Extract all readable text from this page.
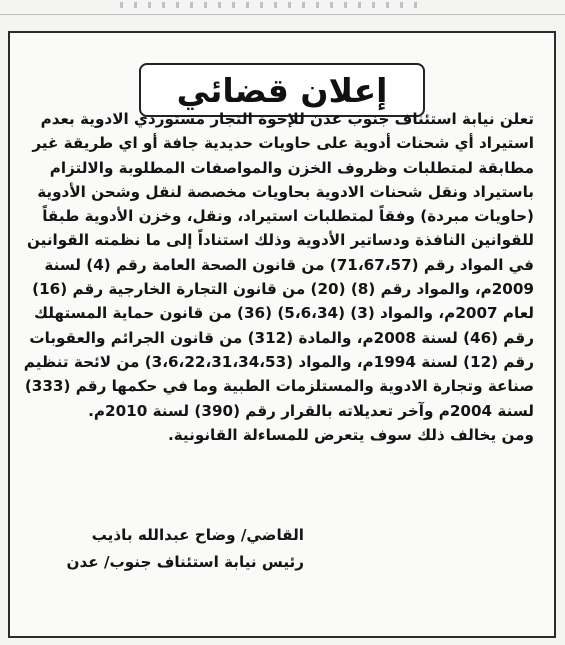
إعلان قضائي
تعلن نيابة استئناف جنوب عدن للإخوة التجار مستوردي الادوية بعدم
استيراد أي شحنات أدوية على حاويات حديدية جافة أو اي طريقة غير
مطابقة لمتطلبات وظروف الخزن والمواصفات المطلوبة والالتزام
باستيراد ونقل شحنات الادوية بحاويات مخصصة لنقل وشحن الأدوية
(حاويات مبردة) وفقاً لمتطلبات استيراد، ونقل، وخزن الأدوية طبقاً
للقوانين النافذة ودساتير الأدوية وذلك استناداً إلى ما نظمته القوانين
في المواد رقم (71،67،57) من قانون الصحة العامة رقم (4) لسنة
2009م، والمواد رقم (8) (20) من قانون التجارة الخارجية رقم (16)
لعام 2007م، والمواد (3) (5،6،34) (36) من قانون حماية المستهلك
رقم (46) لسنة 2008م، والمادة (312) من قانون الجرائم والعقوبات
رقم (12) لسنة 1994م، والمواد (3،6،22،31،34،53) من لائحة تنظيم
صناعة وتجارة الادوية والمستلزمات الطبية وما في حكمها رقم (333)
لسنة 2004م وآخر تعديلاته بالقرار رقم (390) لسنة 2010م.
ومن يخالف ذلك سوف يتعرض للمساءلة القانونية.
القاضي/ وضاح عبدالله باذيب
رئيس نيابة استئناف جنوب/ عدن
